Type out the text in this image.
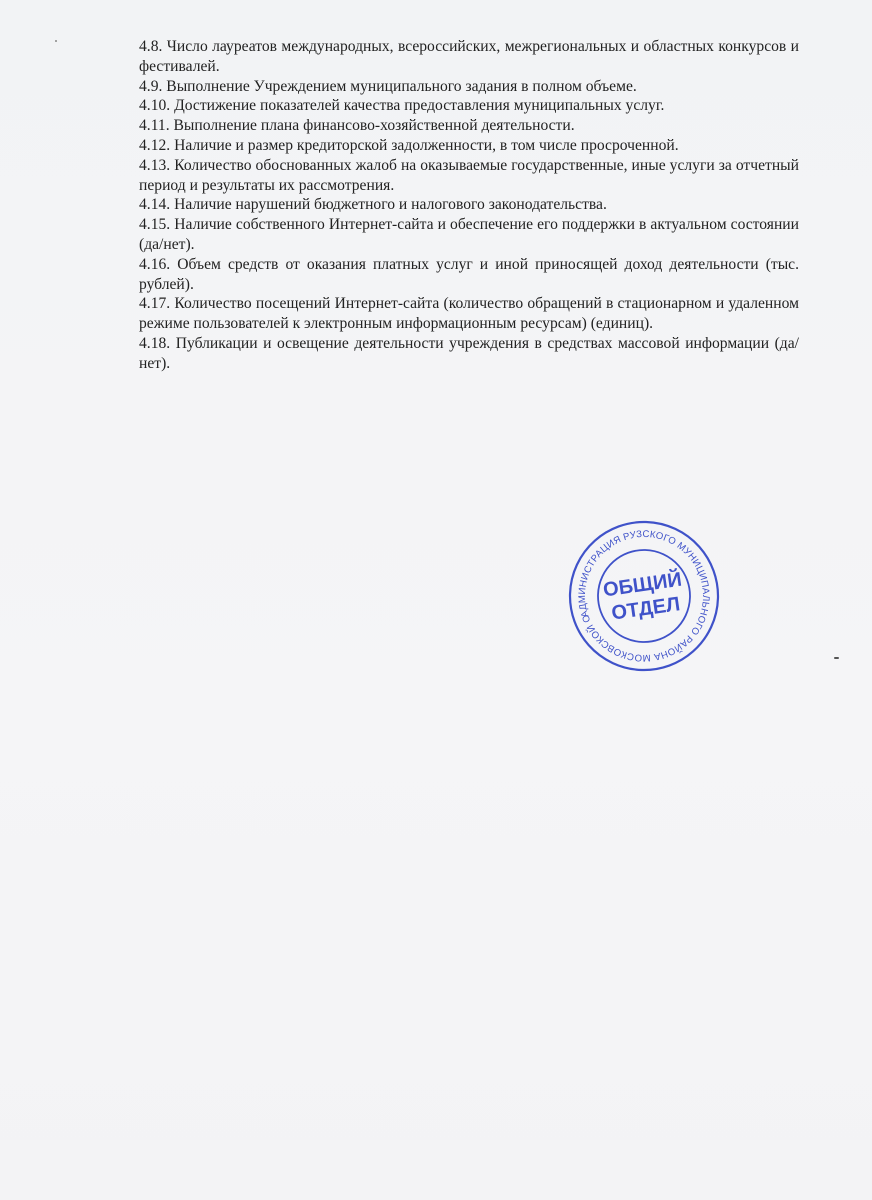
4.8. Число лауреатов международных, всероссийских, межрегиональных и областных конкурсов и фестивалей.

4.9. Выполнение Учреждением муниципального задания в полном объеме.

4.10. Достижение показателей качества предоставления муниципальных услуг.

4.11. Выполнение плана финансово-хозяйственной деятельности.

4.12. Наличие и размер кредиторской задолженности, в том числе просроченной.

4.13. Количество обоснованных жалоб на оказываемые государственные, иные услуги за отчетный период и результаты их рассмотрения.

4.14. Наличие нарушений бюджетного и налогового законодательства.

4.15. Наличие собственного Интернет-сайта и обеспечение его поддержки в актуальном состоянии (да/нет).

4.16. Объем средств от оказания платных услуг и иной приносящей доход деятельности (тыс. рублей).

4.17. Количество посещений Интернет-сайта (количество обращений в стационарном и удаленном режиме пользователей к электронным информационным ресурсам) (единиц).

4.18. Публикации и освещение деятельности учреждения в средствах массовой информации (да/нет).

АДМИНИСТРАЦИЯ РУЗСКОГО МУНИЦИПАЛЬНОГО РАЙОНА МОСКОВСКОЙ ОБЛАСТИ
ОБЩИЙ
ОТДЕЛ
